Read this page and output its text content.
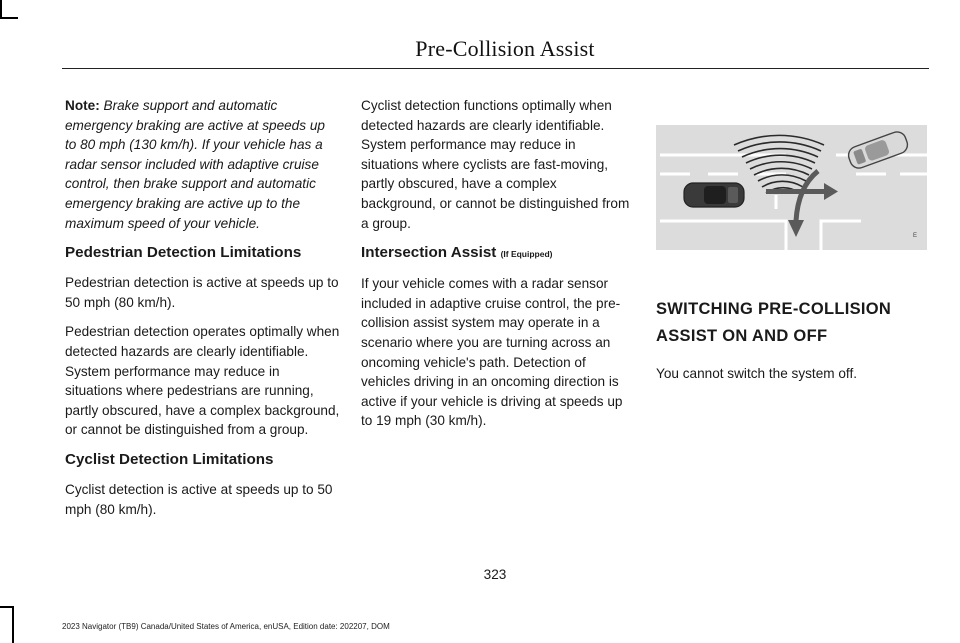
Pre-Collision Assist

Note: Brake support and automatic emergency braking are active at speeds up to 80 mph (130 km/h). If your vehicle has a radar sensor included with adaptive cruise control, then brake support and automatic emergency braking are active up to the maximum speed of your vehicle.

Pedestrian Detection Limitations

Pedestrian detection is active at speeds up to 50 mph (80 km/h).

Pedestrian detection operates optimally when detected hazards are clearly identifiable. System performance may reduce in situations where pedestrians are running, partly obscured, have a complex background, or cannot be distinguished from a group.

Cyclist Detection Limitations

Cyclist detection is active at speeds up to 50 mph (80 km/h).

Cyclist detection functions optimally when detected hazards are clearly identifiable. System performance may reduce in situations where cyclists are fast-moving, partly obscured, have a complex background, or cannot be distinguished from a group.

Intersection Assist (If Equipped)

If your vehicle comes with a radar sensor included in adaptive cruise control, the pre-collision assist system may operate in a scenario where you are turning across an oncoming vehicle's path. Detection of vehicles driving in an oncoming direction is active if your vehicle is driving at speeds up to 19 mph (30 km/h).

E
SWITCHING PRE-COLLISION
ASSIST ON AND OFF

You cannot switch the system off.

323
2023 Navigator (TB9) Canada/United States of America, enUSA, Edition date: 202207, DOM
